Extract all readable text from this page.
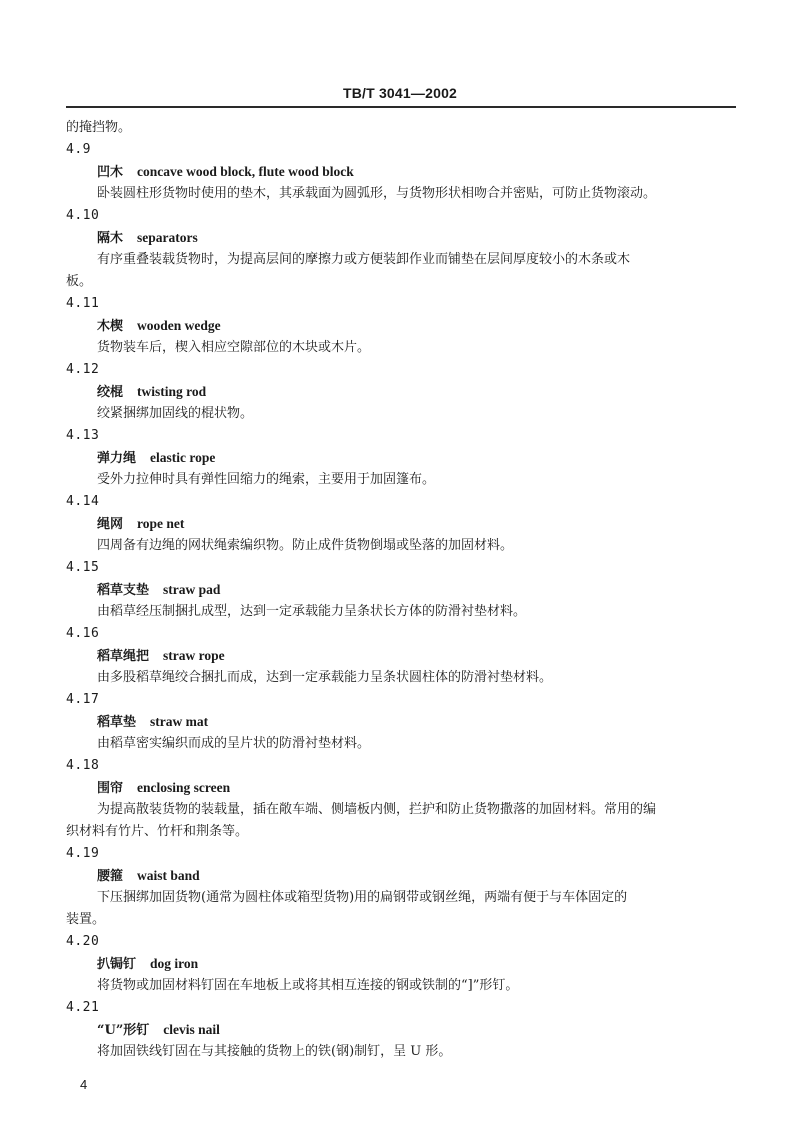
TB/T 3041—2002
的掩挡物。
4.9
凹木 concave wood block, flute wood block
卧装圆柱形货物时使用的垫木，其承载面为圆弧形，与货物形状相吻合并密贴，可防止货物滚动。
4.10
隔木 separators
有序重叠装载货物时，为提高层间的摩擦力或方便装卸作业而铺垫在层间厚度较小的木条或木
板。
4.11
木楔 wooden wedge
货物装车后，楔入相应空隙部位的木块或木片。
4.12
绞棍 twisting rod
绞紧捆绑加固线的棍状物。
4.13
弹力绳 elastic rope
受外力拉伸时具有弹性回缩力的绳索，主要用于加固篷布。
4.14
绳网 rope net
四周备有边绳的网状绳索编织物。防止成件货物倒塌或坠落的加固材料。
4.15
稻草支垫 straw pad
由稻草经压制捆扎成型，达到一定承载能力呈条状长方体的防滑衬垫材料。
4.16
稻草绳把 straw rope
由多股稻草绳绞合捆扎而成，达到一定承载能力呈条状圆柱体的防滑衬垫材料。
4.17
稻草垫 straw mat
由稻草密实编织而成的呈片状的防滑衬垫材料。
4.18
围帘 enclosing screen
为提高散装货物的装载量，插在敞车端、侧墙板内侧，拦护和防止货物撒落的加固材料。常用的编
织材料有竹片、竹杆和荆条等。
4.19
腰箍 waist band
下压捆绑加固货物(通常为圆柱体或箱型货物)用的扁钢带或钢丝绳，两端有便于与车体固定的
装置。
4.20
扒锔钉 dog iron
将货物或加固材料钉固在车地板上或将其相互连接的钢或铁制的“]”形钉。
4.21
“U”形钉 clevis nail
将加固铁线钉固在与其接触的货物上的铁(钢)制钉，呈 U 形。
4
